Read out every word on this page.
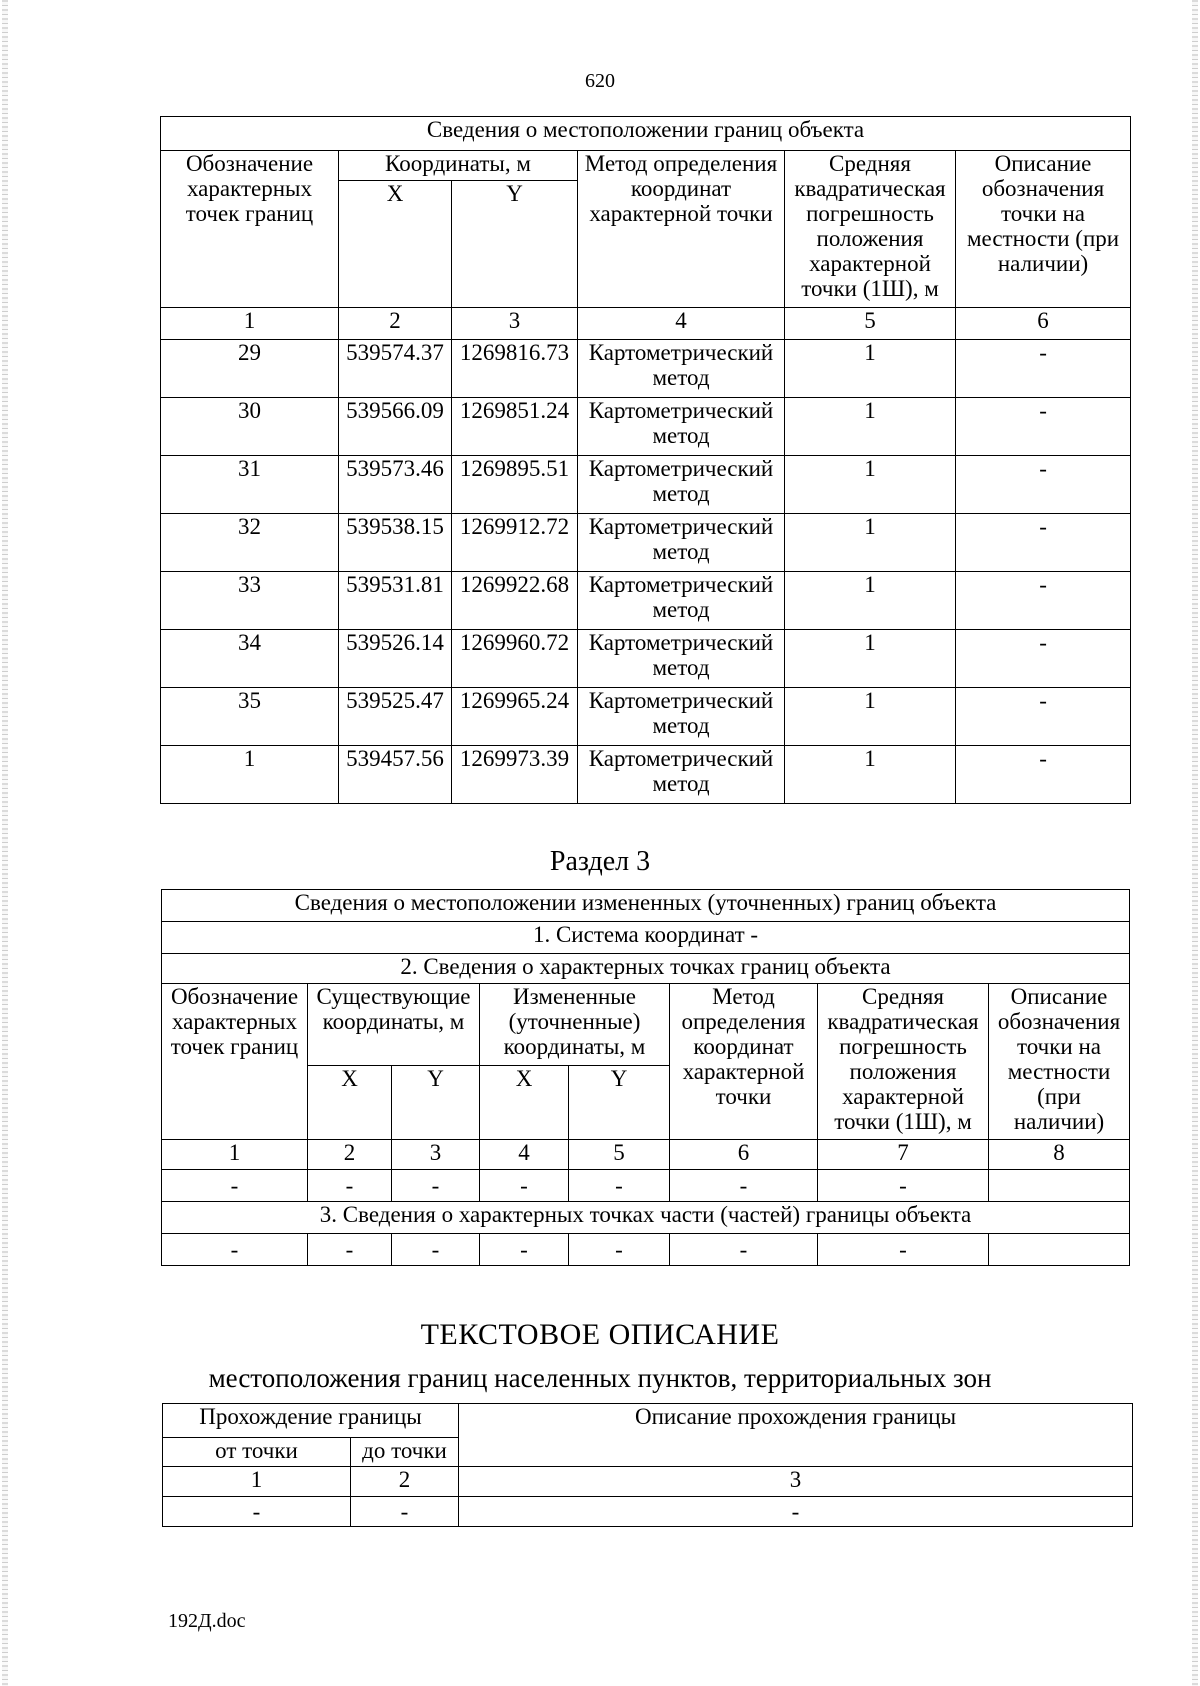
620
Сведения о местоположении границ объекта					
Обозначение характерных точек границ	Координаты, м		Метод определения координат характерной точки	Средняя квадратическая погрешность положения характерной точки (1Ш), м	Описание обозначения точки на местности (при наличии)
	X	Y			
1	2	3	4	5	6
29	539574.37	1269816.73	Картометрический метод	1	-
30	539566.09	1269851.24	Картометрический метод	1	-
31	539573.46	1269895.51	Картометрический метод	1	-
32	539538.15	1269912.72	Картометрический метод	1	-
33	539531.81	1269922.68	Картометрический метод	1	-
34	539526.14	1269960.72	Картометрический метод	1	-
35	539525.47	1269965.24	Картометрический метод	1	-
1	539457.56	1269973.39	Картометрический метод	1	-
Раздел 3
Сведения о местоположении измененных (уточненных) границ объекта							
1. Система координат -							
2. Сведения о характерных точках границ объекта							
Обозначение характерных точек границ	Существующие координаты, м		Измененные (уточненные) координаты, м		Метод определения координат характерной точки	Средняя квадратическая погрешность положения характерной точки (1Ш), м	Описание обозначения точки на местности (при наличии)
	X	Y	X	Y			
1	2	3	4	5	6	7	8
-	-	-	-	-	-	-	
3. Сведения о характерных точках части (частей) границы объекта							
-	-	-	-	-	-	-	
ТЕКСТОВОЕ ОПИСАНИЕ
местоположения границ населенных пунктов, территориальных зон
Прохождение границы		Описание прохождения границы
от точки	до точки	
1	2	3
-	-	-
192Д.doc
